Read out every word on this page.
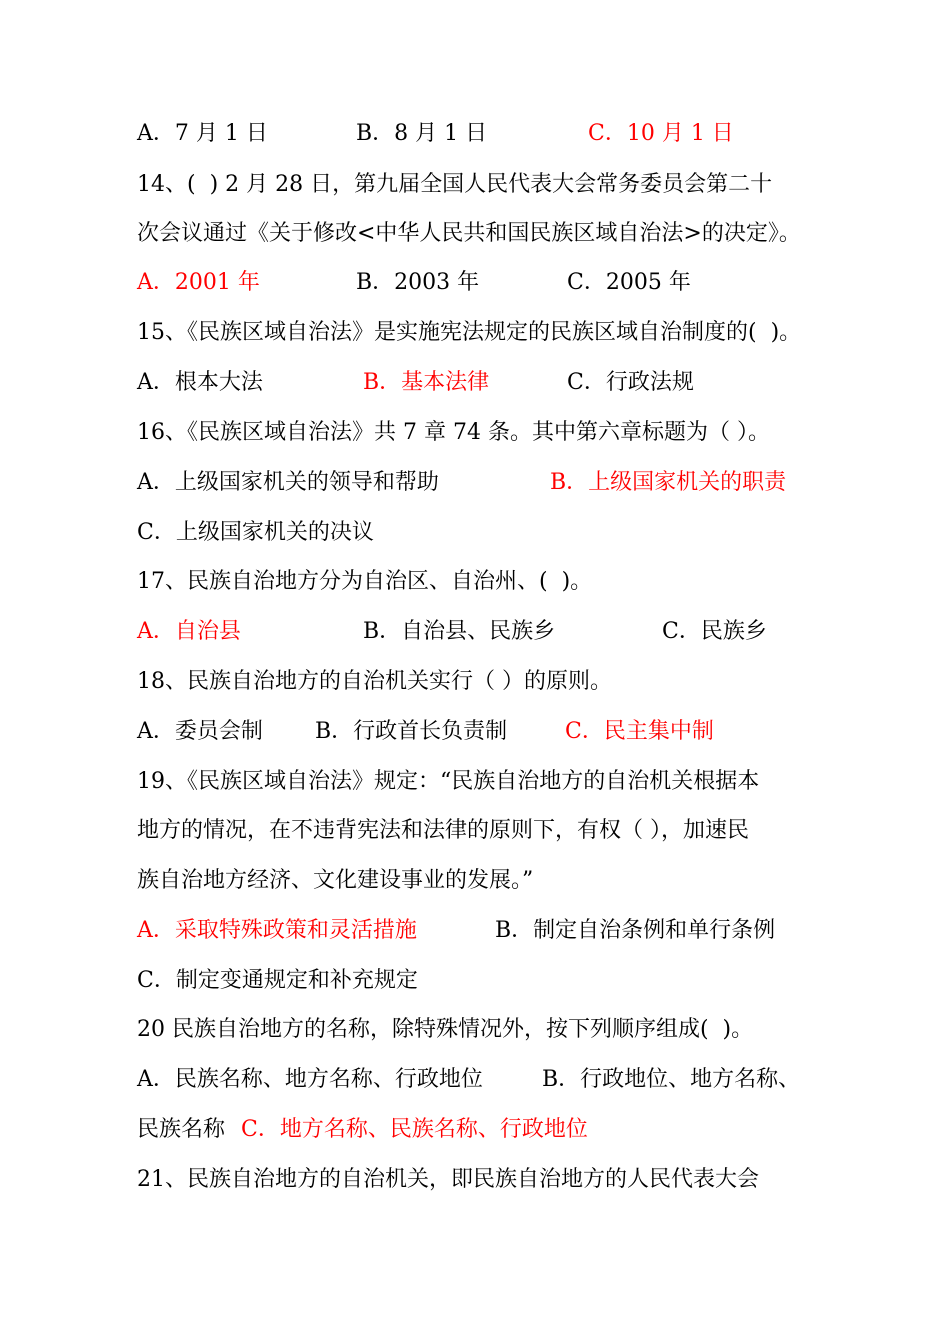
A．7 月 1 日

	B．8 月 1 日

	C．10 月 1 日

14、(  ) 2 月 28 日，第九届全国人民代表大会常务委员会第二十
次会议通过《关于修改<中华人民共和国民族区域自治法>的决定》。

A．2001 年

	B．2003 年

	C．2005 年

15、《民族区域自治法》是实施宪法规定的民族区域自治制度的(  )。

A．根本大法

	B．基本法律

	C．行政法规

16、《民族区域自治法》共 7 章 74 条。其中第六章标题为（ ）。

A．上级国家机关的领导和帮助

	B．上级国家机关的职责

C．上级国家机关的决议
17、民族自治地方分为自治区、自治州、(  )。

A．自治县

	B．自治县、民族乡

	C．民族乡

18、民族自治地方的自治机关实行（ ）的原则。

A．委员会制

B．行政首长负责制

	C．民主集中制

19、《民族区域自治法》规定：“民族自治地方的自治机关根据本
地方的情况，在不违背宪法和法律的原则下，有权（ ），加速民
族自治地方经济、文化建设事业的发展。”

A．采取特殊政策和灵活措施

	B．制定自治条例和单行条例

C．制定变通规定和补充规定
20 民族自治地方的名称，除特殊情况外，按下列顺序组成(  )。

A．民族名称、地方名称、行政地位

	B．行政地位、地方名称、

民族名称

C．地方名称、民族名称、行政地位

21、民族自治地方的自治机关，即民族自治地方的人民代表大会
